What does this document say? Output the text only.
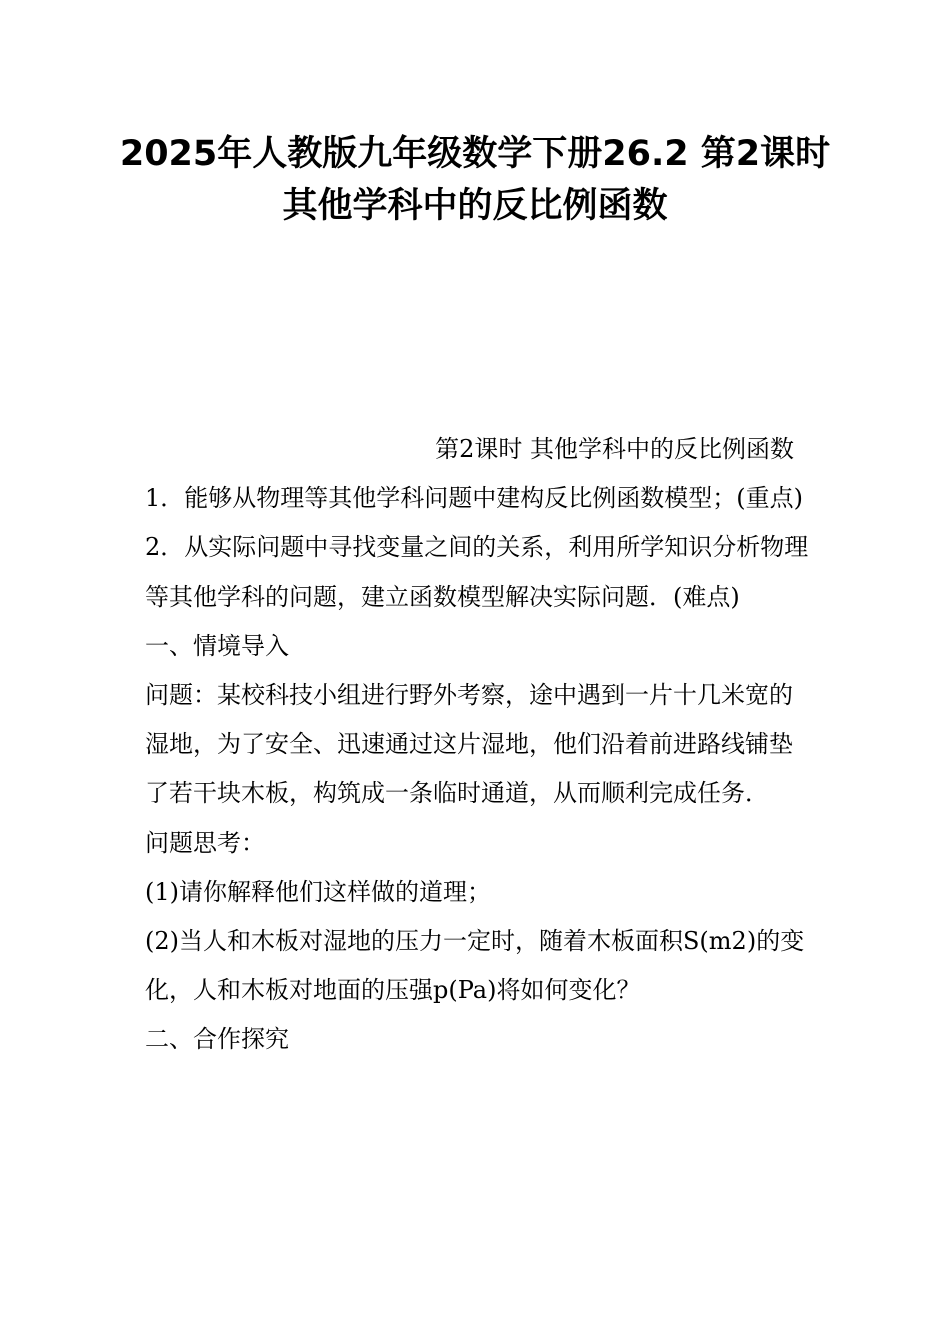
2025年人教版九年级数学下册26.2 第2课时 其他学科中的反比例函数

第2课时 其他学科中的反比例函数

1．能够从物理等其他学科问题中建构反比例函数模型；(重点)

2．从实际问题中寻找变量之间的关系，利用所学知识分析物理等其他学科的问题，建立函数模型解决实际问题．(难点)

一、情境导入

问题：某校科技小组进行野外考察，途中遇到一片十几米宽的湿地，为了安全、迅速通过这片湿地，他们沿着前进路线铺垫了若干块木板，构筑成一条临时通道，从而顺利完成任务．

问题思考：

(1)请你解释他们这样做的道理；

(2)当人和木板对湿地的压力一定时，随着木板面积S(m2)的变化，人和木板对地面的压强p(Pa)将如何变化？

二、合作探究
